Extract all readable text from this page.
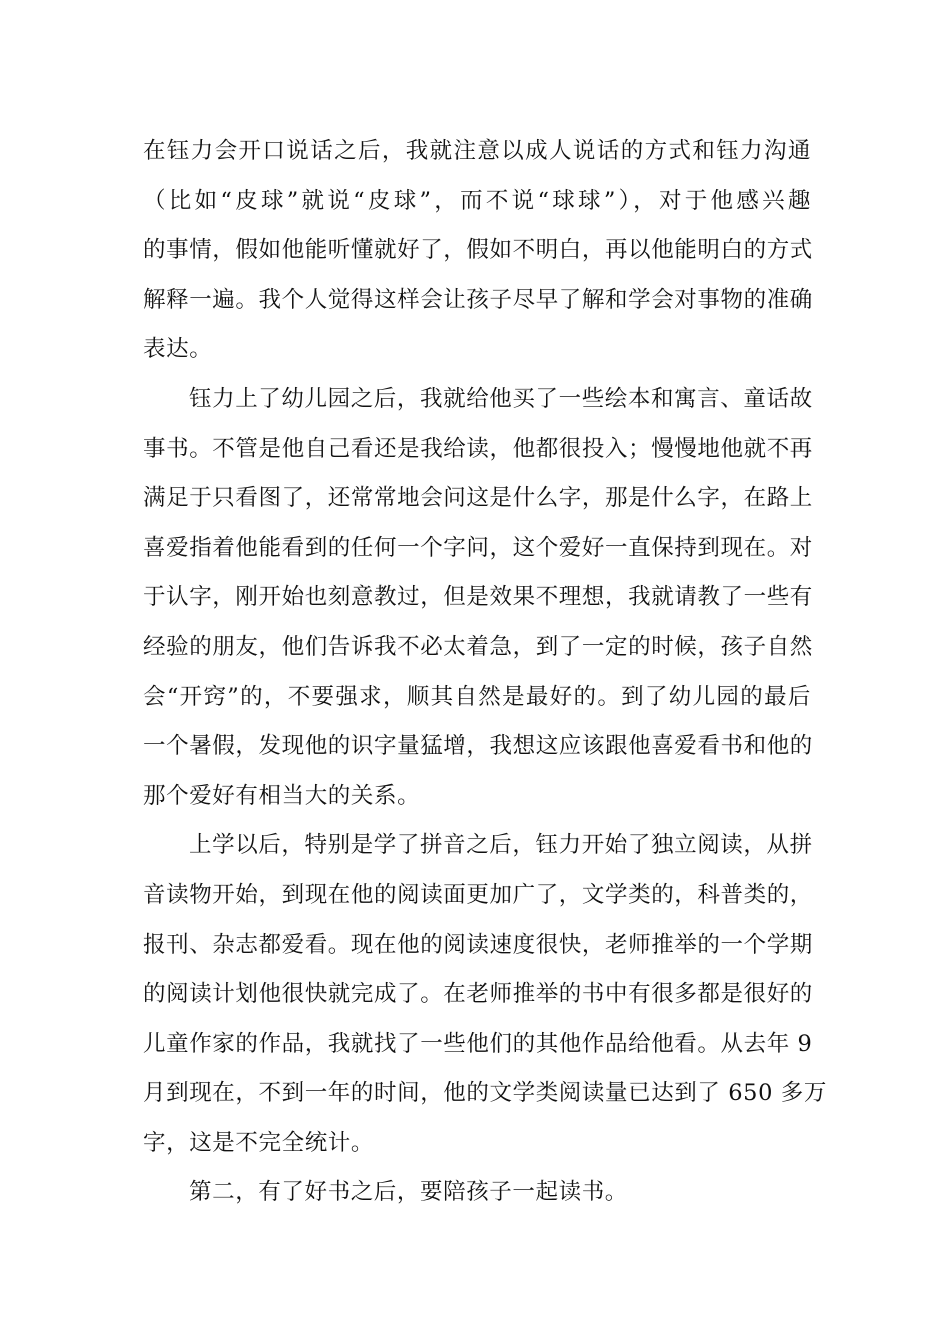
在钰力会开口说话之后，我就注意以成人说话的方式和钰力沟通
（比如“皮球”就说“皮球”，而不说“球球”），对于他感兴趣
的事情，假如他能听懂就好了，假如不明白，再以他能明白的方式
解释一遍。我个人觉得这样会让孩子尽早了解和学会对事物的准确
表达。
钰力上了幼儿园之后，我就给他买了一些绘本和寓言、童话故
事书。不管是他自己看还是我给读，他都很投入；慢慢地他就不再
满足于只看图了，还常常地会问这是什么字，那是什么字，在路上
喜爱指着他能看到的任何一个字问，这个爱好一直保持到现在。对
于认字，刚开始也刻意教过，但是效果不理想，我就请教了一些有
经验的朋友，他们告诉我不必太着急，到了一定的时候，孩子自然
会“开窍”的，不要强求，顺其自然是最好的。到了幼儿园的最后
一个暑假，发现他的识字量猛增，我想这应该跟他喜爱看书和他的
那个爱好有相当大的关系。
上学以后，特别是学了拼音之后，钰力开始了独立阅读，从拼
音读物开始，到现在他的阅读面更加广了，文学类的，科普类的，
报刊、杂志都爱看。现在他的阅读速度很快，老师推举的一个学期
的阅读计划他很快就完成了。在老师推举的书中有很多都是很好的
儿童作家的作品，我就找了一些他们的其他作品给他看。从去年 9
月到现在，不到一年的时间，他的文学类阅读量已达到了 650 多万
字，这是不完全统计。
第二，有了好书之后，要陪孩子一起读书。
